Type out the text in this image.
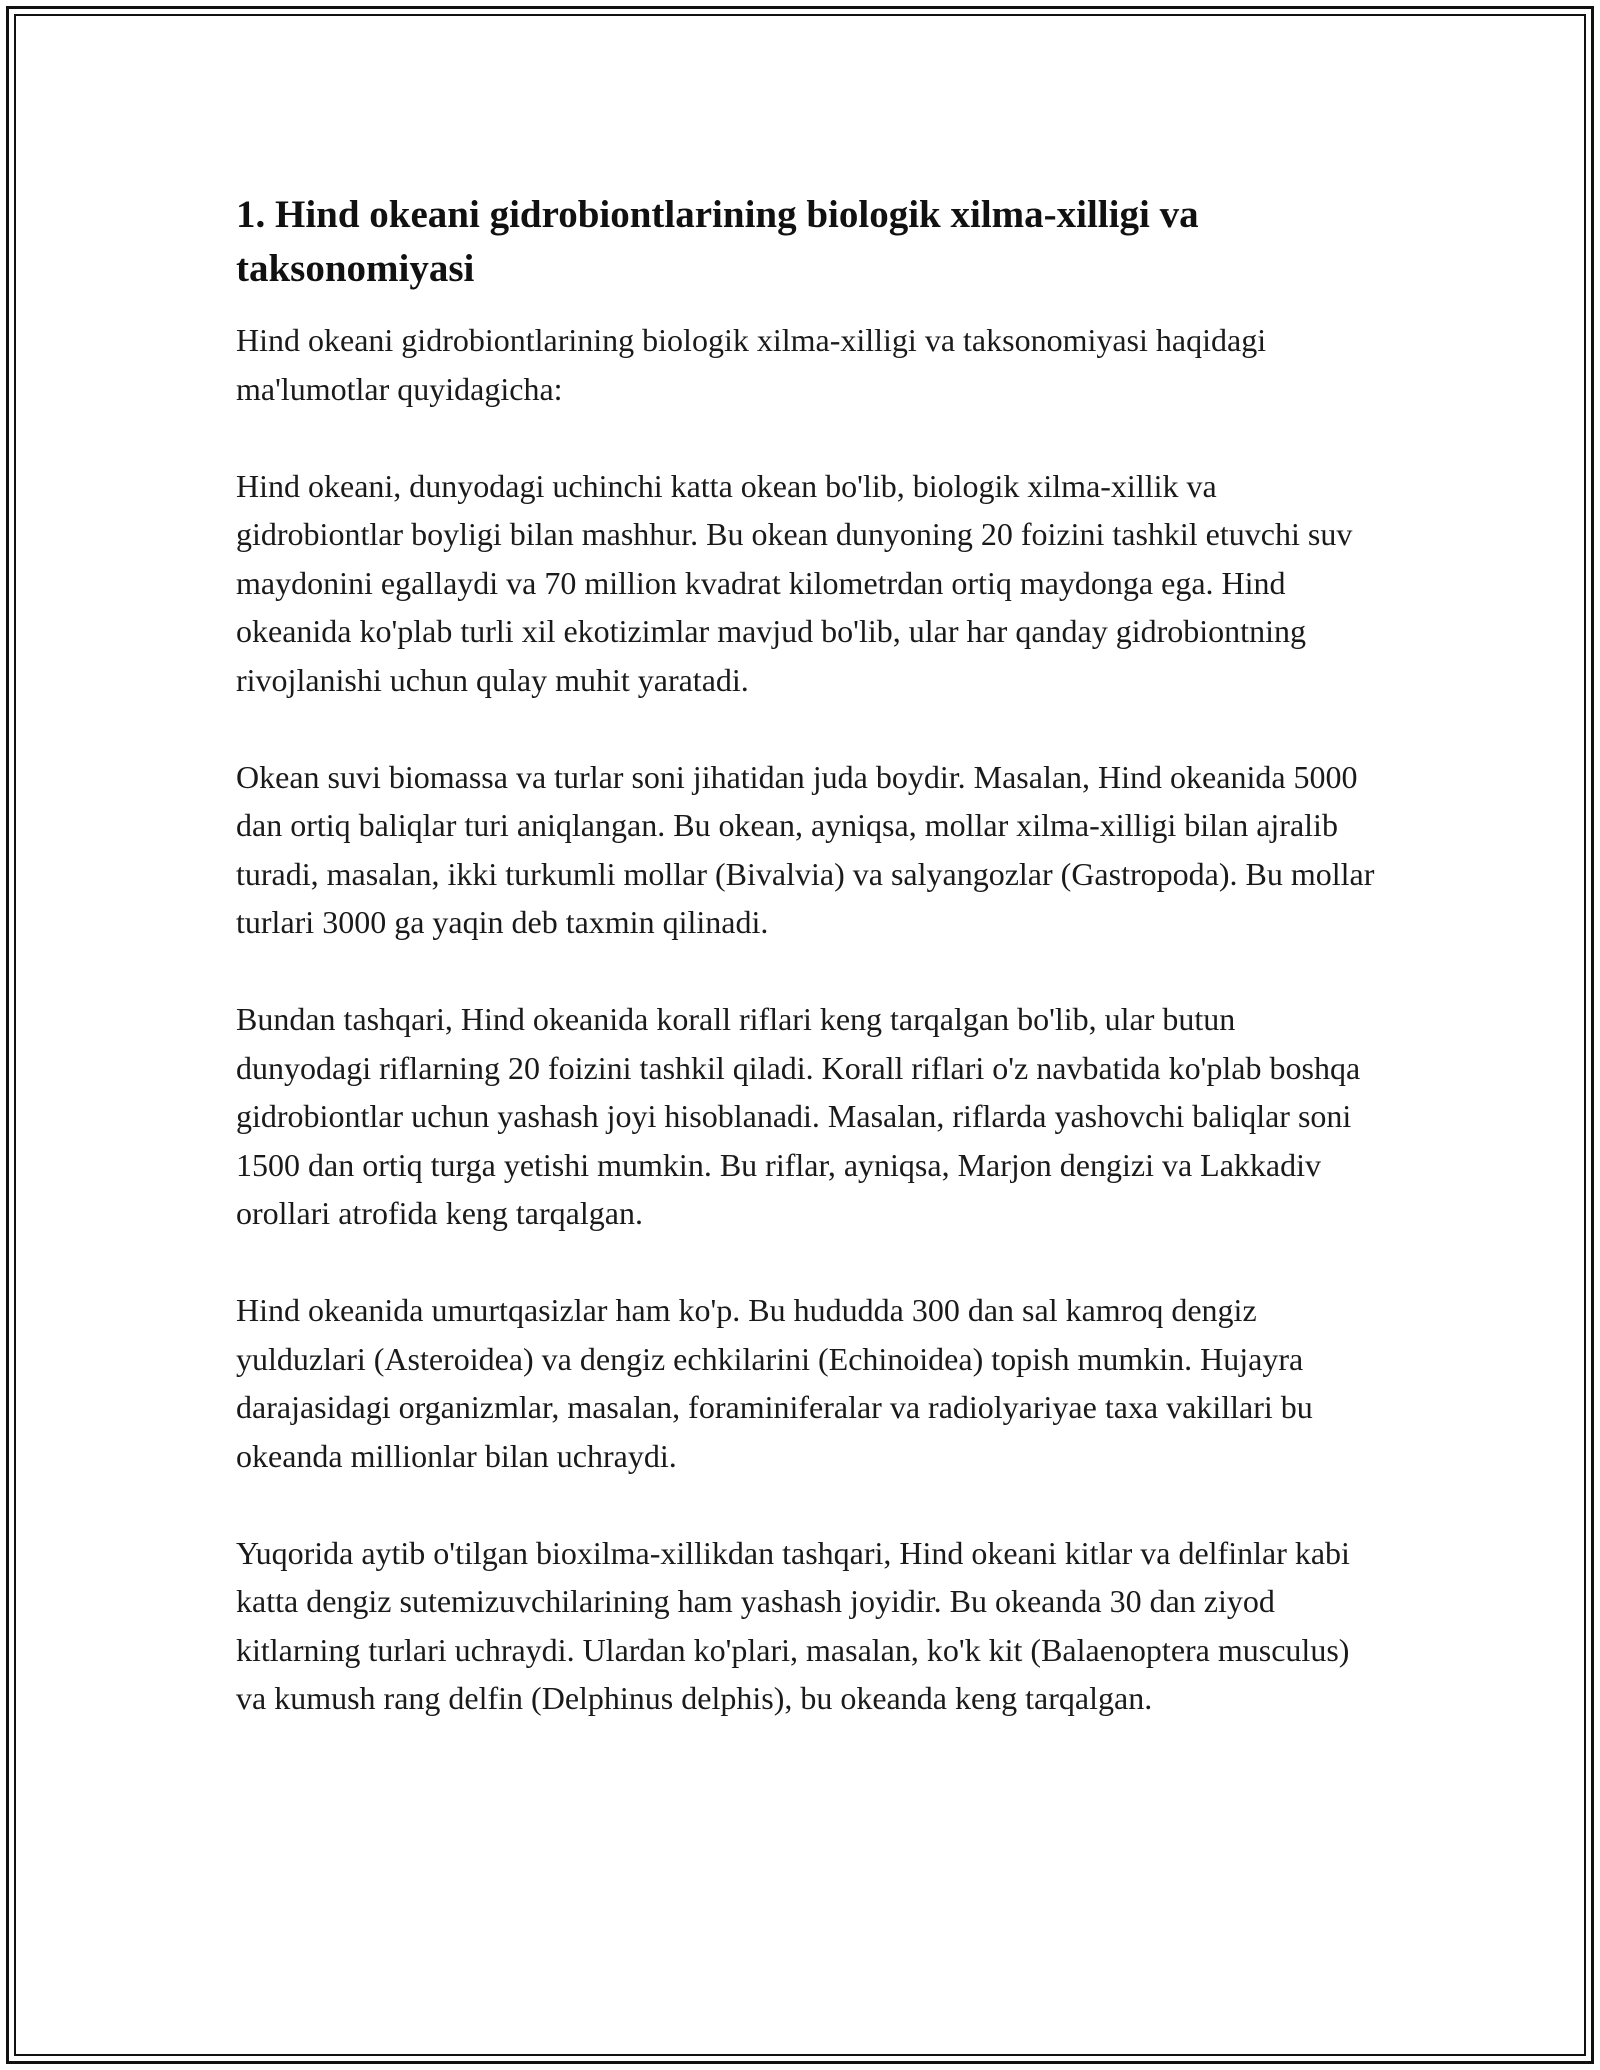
1. Hind okeani gidrobiontlarining biologik xilma-xilligi va taksonomiyasi

Hind okeani gidrobiontlarining biologik xilma-xilligi va taksonomiyasi haqidagi ma'lumotlar quyidagicha:

Hind okeani, dunyodagi uchinchi katta okean bo'lib, biologik xilma-xillik va gidrobiontlar boyligi bilan mashhur. Bu okean dunyoning 20 foizini tashkil etuvchi suv maydonini egallaydi va 70 million kvadrat kilometrdan ortiq maydonga ega. Hind okeanida ko'plab turli xil ekotizimlar mavjud bo'lib, ular har qanday gidrobiontning rivojlanishi uchun qulay muhit yaratadi.

Okean suvi biomassa va turlar soni jihatidan juda boydir. Masalan, Hind okeanida 5000 dan ortiq baliqlar turi aniqlangan. Bu okean, ayniqsa, mollar xilma-xilligi bilan ajralib turadi, masalan, ikki turkumli mollar (Bivalvia) va salyangozlar (Gastropoda). Bu mollar turlari 3000 ga yaqin deb taxmin qilinadi.

Bundan tashqari, Hind okeanida korall riflari keng tarqalgan bo'lib, ular butun dunyodagi riflarning 20 foizini tashkil qiladi. Korall riflari o'z navbatida ko'plab boshqa gidrobiontlar uchun yashash joyi hisoblanadi. Masalan, riflarda yashovchi baliqlar soni 1500 dan ortiq turga yetishi mumkin. Bu riflar, ayniqsa, Marjon dengizi va Lakkadiv orollari atrofida keng tarqalgan.

Hind okeanida umurtqasizlar ham ko'p. Bu hududda 300 dan sal kamroq dengiz yulduzlari (Asteroidea) va dengiz echkilarini (Echinoidea) topish mumkin. Hujayra darajasidagi organizmlar, masalan, foraminiferalar va radiolyariyae taxa vakillari bu okeanda millionlar bilan uchraydi.

Yuqorida aytib o'tilgan bioxilma-xillikdan tashqari, Hind okeani kitlar va delfinlar kabi katta dengiz sutemizuvchilarining ham yashash joyidir. Bu okeanda 30 dan ziyod kitlarning turlari uchraydi. Ulardan ko'plari, masalan, ko'k kit (Balaenoptera musculus) va kumush rang delfin (Delphinus delphis), bu okeanda keng tarqalgan.
